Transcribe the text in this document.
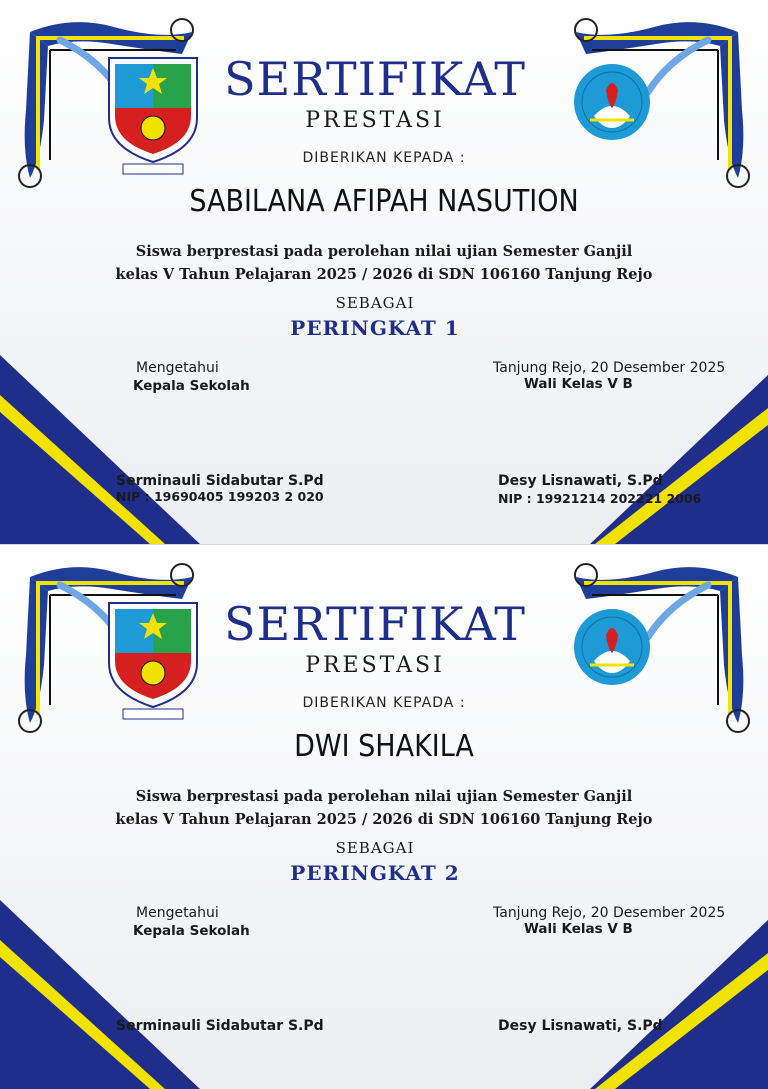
SERTIFIKAT
PRESTASI
DIBERIKAN KEPADA :
SABILANA AFIPAH NASUTION
Siswa berprestasi pada perolehan nilai ujian Semester Ganjil
kelas V Tahun Pelajaran 2025 / 2026 di SDN 106160 Tanjung Rejo
SEBAGAI
PERINGKAT 1
Mengetahui
Kepala Sekolah
Tanjung Rejo, 20 Desember 2025
Wali Kelas V B
Serminauli Sidabutar S.Pd
NIP : 19690405 199203 2 020
Desy Lisnawati, S.Pd
NIP : 19921214 202221 2006
SERTIFIKAT
PRESTASI
DIBERIKAN KEPADA :
DWI SHAKILA
Siswa berprestasi pada perolehan nilai ujian Semester Ganjil
kelas V Tahun Pelajaran 2025 / 2026 di SDN 106160 Tanjung Rejo
SEBAGAI
PERINGKAT 2
Mengetahui
Kepala Sekolah
Tanjung Rejo, 20 Desember 2025
Wali Kelas V B
Serminauli Sidabutar S.Pd	Desy Lisnawati, S.Pd
